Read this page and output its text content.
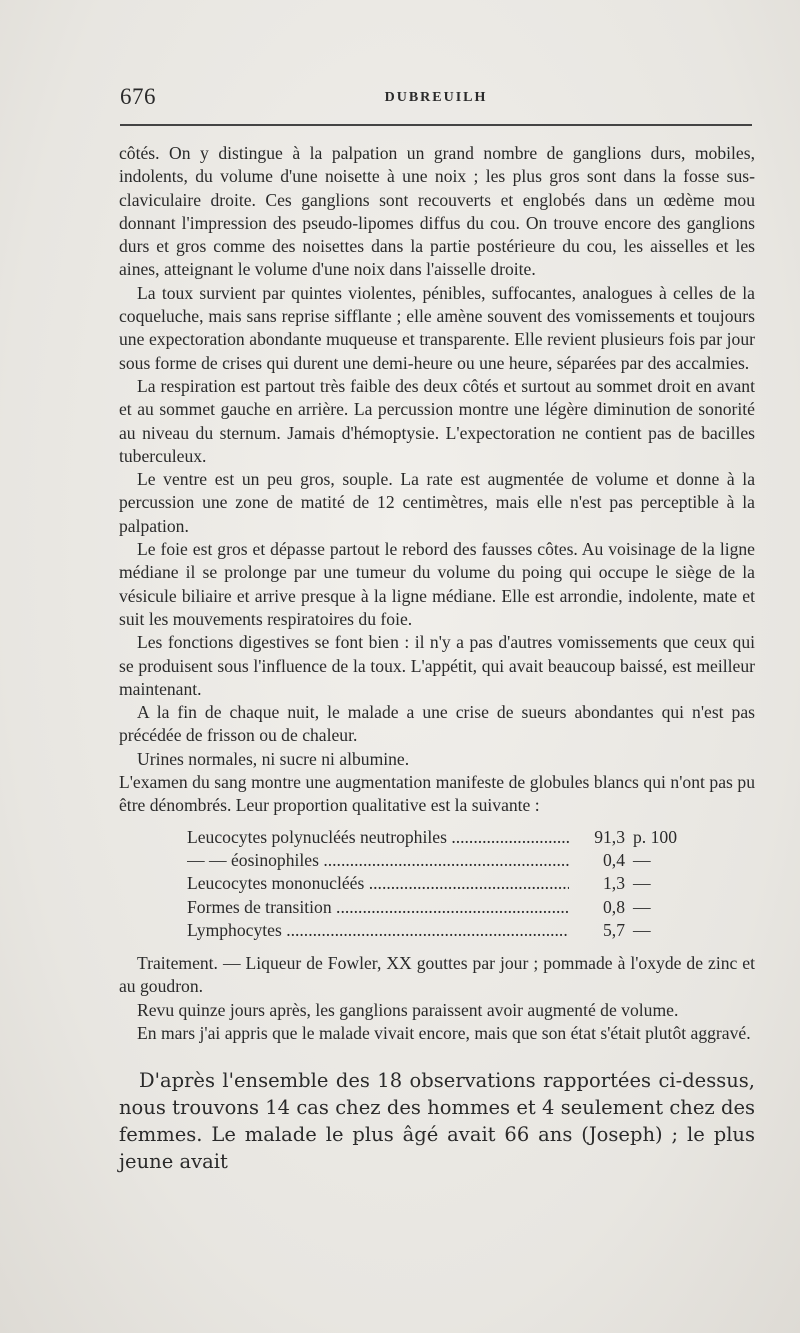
676	DUBREUILH

côtés. On y distingue à la palpation un grand nombre de ganglions durs, mobiles, indolents, du volume d'une noisette à une noix ; les plus gros sont dans la fosse sus-claviculaire droite. Ces ganglions sont recouverts et englobés dans un œdème mou donnant l'impression des pseudo-lipomes diffus du cou. On trouve encore des ganglions durs et gros comme des noisettes dans la partie postérieure du cou, les aisselles et les aines, atteignant le volume d'une noix dans l'aisselle droite.

La toux survient par quintes violentes, pénibles, suffocantes, analogues à celles de la coqueluche, mais sans reprise sifflante ; elle amène souvent des vomissements et toujours une expectoration abondante muqueuse et transparente. Elle revient plusieurs fois par jour sous forme de crises qui durent une demi-heure ou une heure, séparées par des accalmies.

La respiration est partout très faible des deux côtés et surtout au sommet droit en avant et au sommet gauche en arrière. La percussion montre une légère diminution de sonorité au niveau du sternum. Jamais d'hémoptysie. L'expectoration ne contient pas de bacilles tuberculeux.

Le ventre est un peu gros, souple. La rate est augmentée de volume et donne à la percussion une zone de matité de 12 centimètres, mais elle n'est pas perceptible à la palpation.

Le foie est gros et dépasse partout le rebord des fausses côtes. Au voisinage de la ligne médiane il se prolonge par une tumeur du volume du poing qui occupe le siège de la vésicule biliaire et arrive presque à la ligne médiane. Elle est arrondie, indolente, mate et suit les mouvements respiratoires du foie.

Les fonctions digestives se font bien : il n'y a pas d'autres vomissements que ceux qui se produisent sous l'influence de la toux. L'appétit, qui avait beaucoup baissé, est meilleur maintenant.

A la fin de chaque nuit, le malade a une crise de sueurs abondantes qui n'est pas précédée de frisson ou de chaleur.

Urines normales, ni sucre ni albumine.

L'examen du sang montre une augmentation manifeste de globules blancs qui n'ont pas pu être dénombrés. Leur proportion qualitative est la suivante :

Leucocytes polynucléés neutrophiles .....	91,3 p. 100
— — éosinophiles .....	0,4 —
Leucocytes mononucléés .....	1,3 —
Formes de transition .....	0,8 —
Lymphocytes .....	5,7 —

Traitement. — Liqueur de Fowler, XX gouttes par jour ; pommade à l'oxyde de zinc et au goudron.

Revu quinze jours après, les ganglions paraissent avoir augmenté de volume.

En mars j'ai appris que le malade vivait encore, mais que son état s'était plutôt aggravé.

D'après l'ensemble des 18 observations rapportées ci-dessus, nous trouvons 14 cas chez des hommes et 4 seulement chez des femmes. Le malade le plus âgé avait 66 ans (Joseph) ; le plus jeune avait
